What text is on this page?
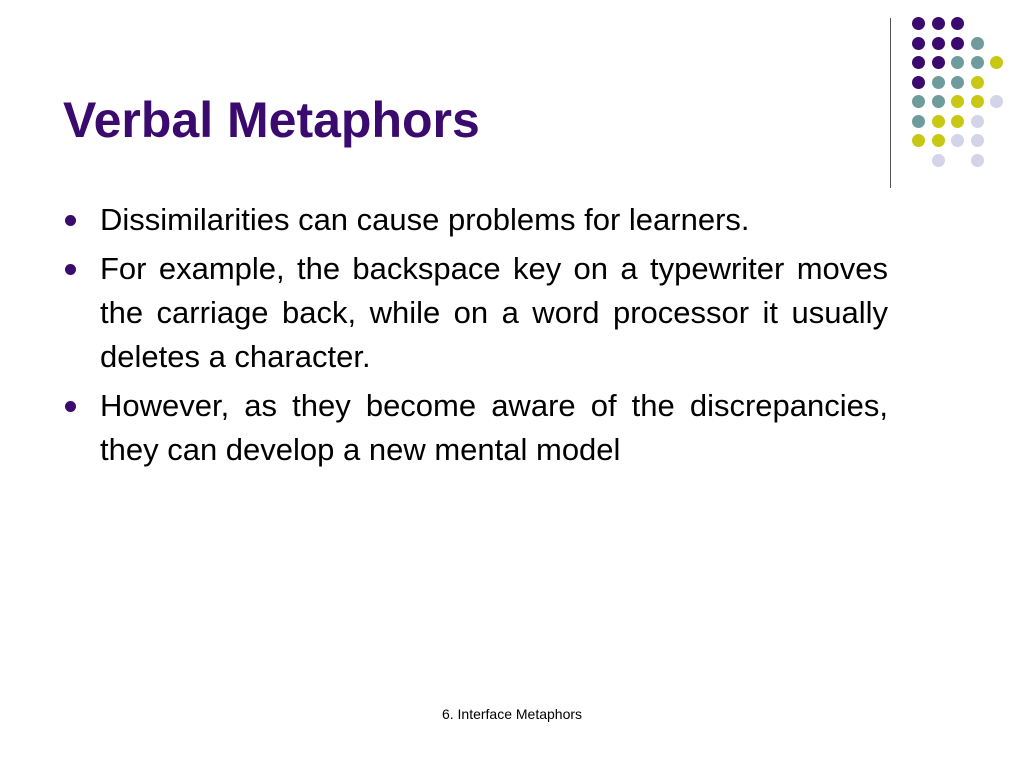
Verbal Metaphors
Dissimilarities can cause problems for learners.
For example, the backspace key on a typewriter moves the carriage back, while on a word processor it usually deletes a character.
However, as they become aware of the discrepancies, they can develop a new mental model
6. Interface Metaphors
